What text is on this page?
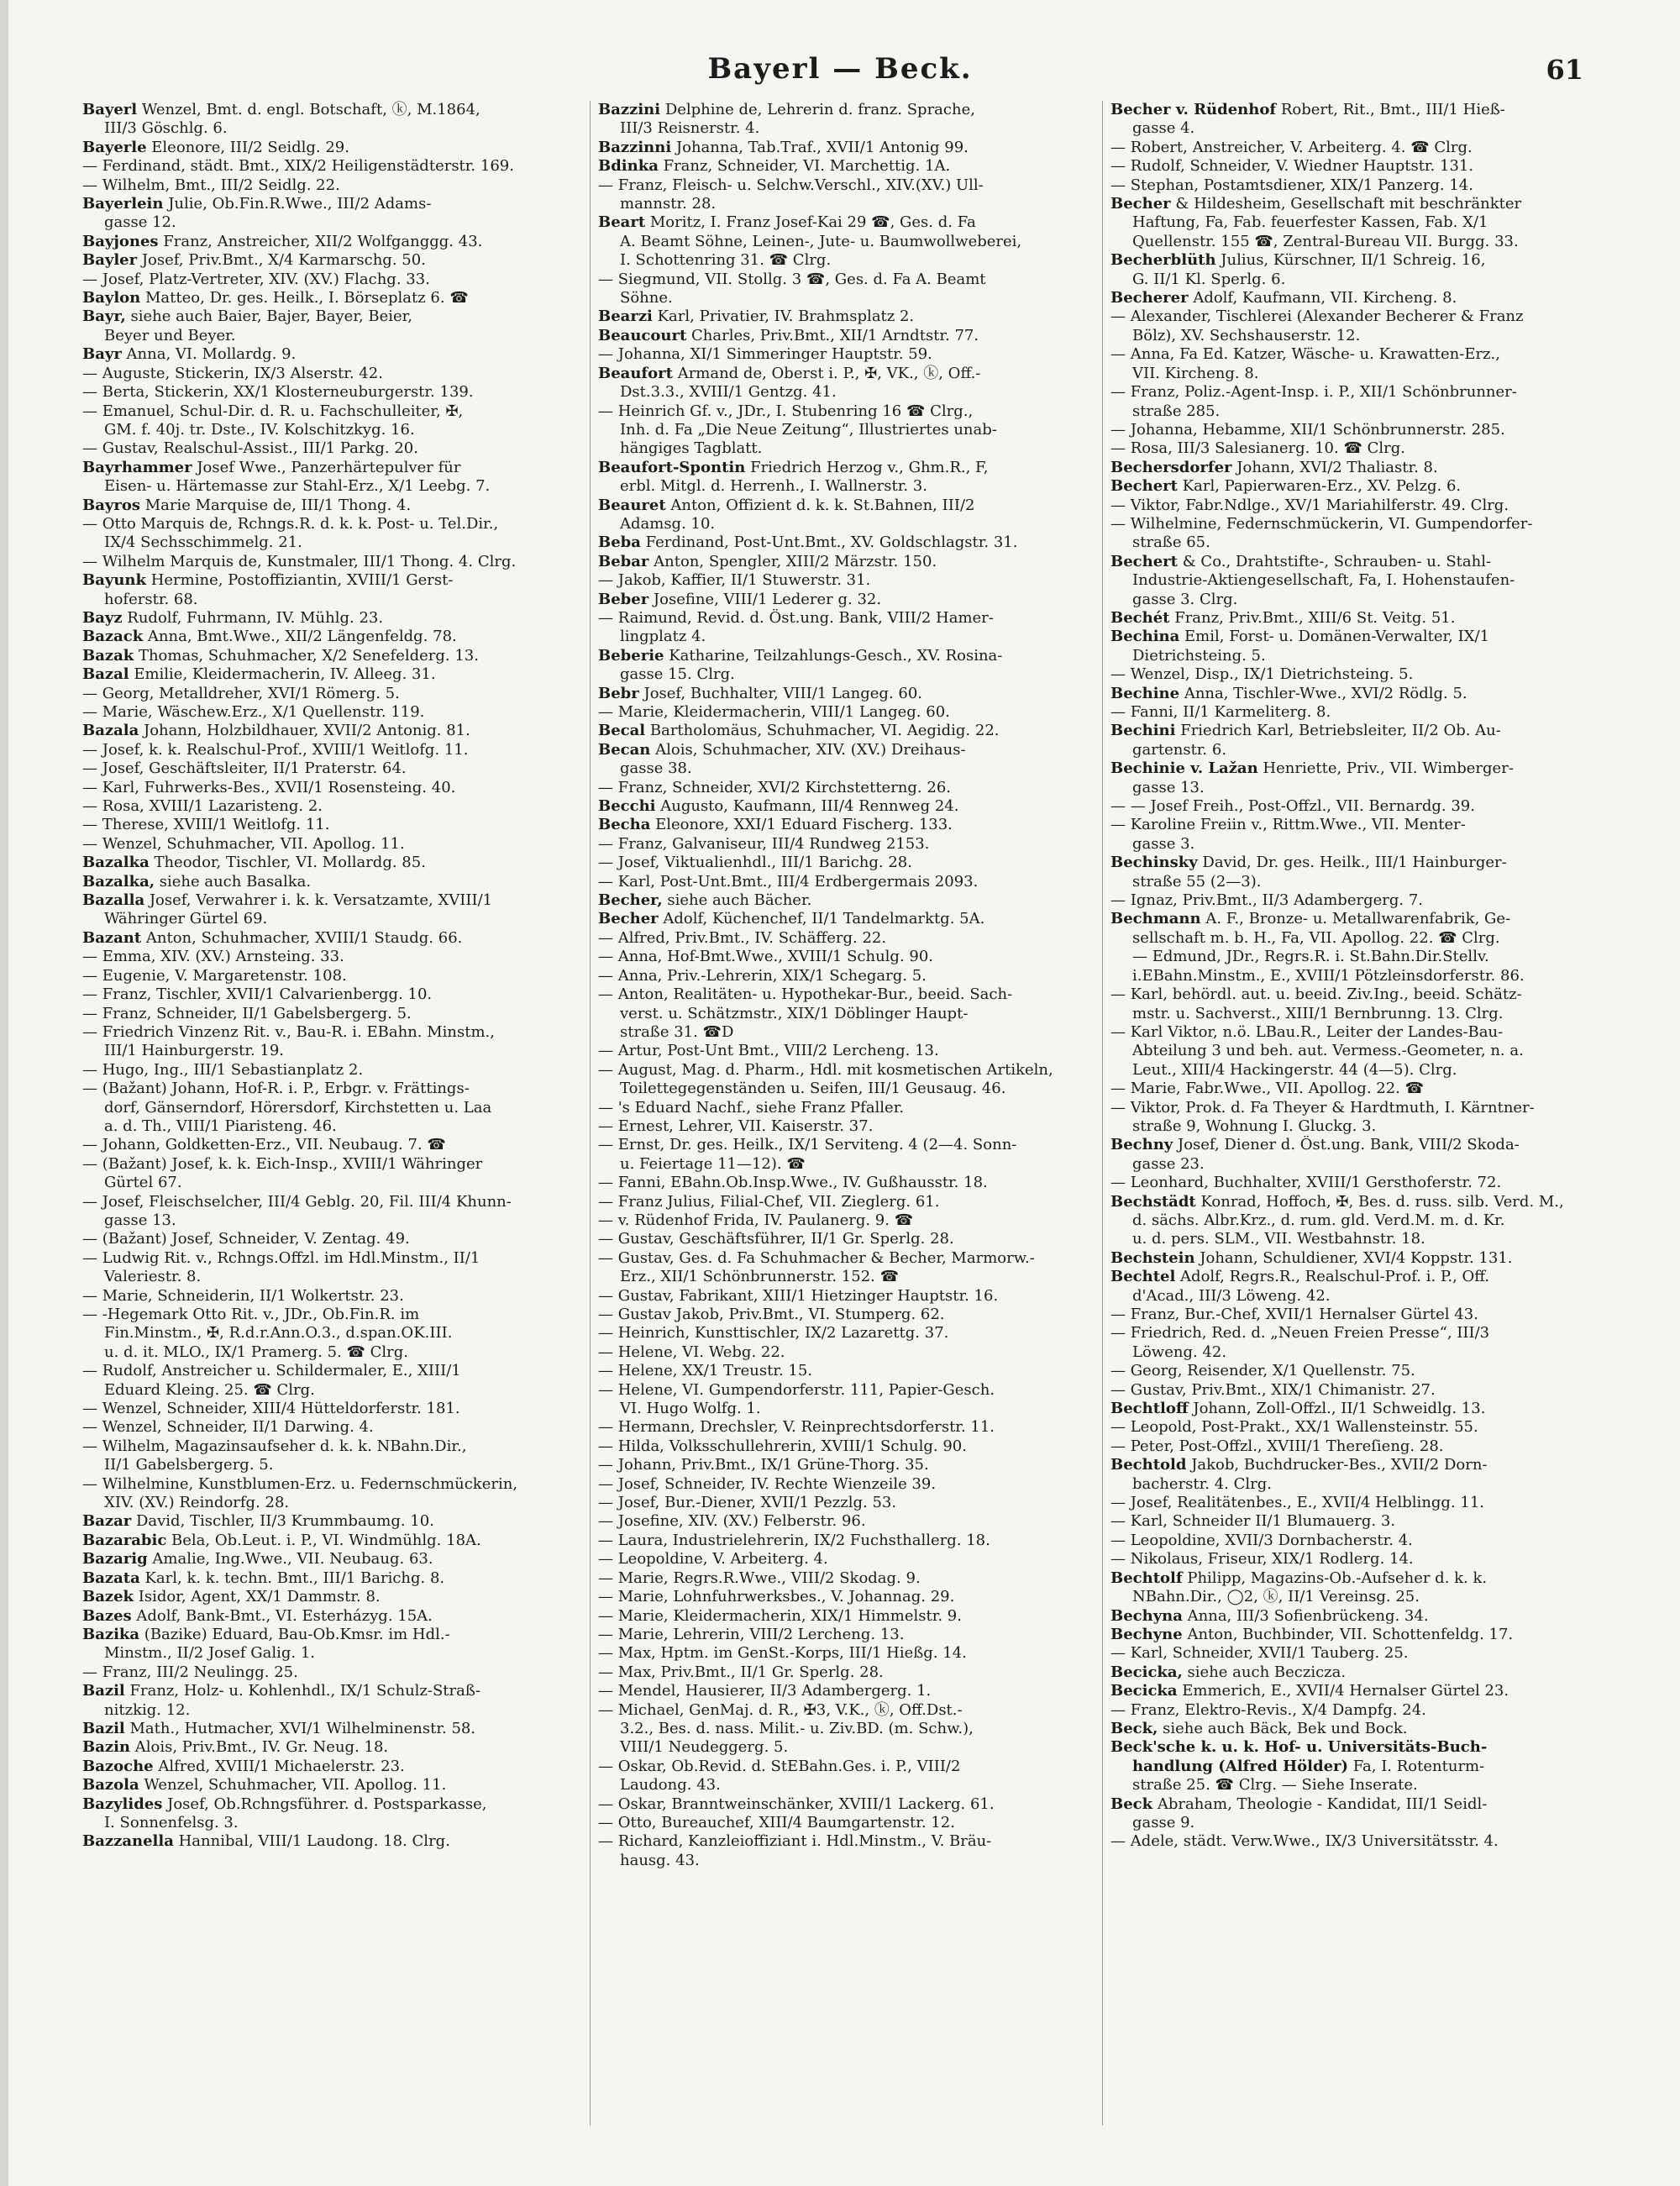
Bayerl — Beck.	61
Bayerl Wenzel, Bmt. d. engl. Botschaft, ⓚ, M.1864,
III/3 Göschlg. 6.
Bayerle Eleonore, III/2 Seidlg. 29.
— Ferdinand, städt. Bmt., XIX/2 Heiligenstädterstr. 169.
— Wilhelm, Bmt., III/2 Seidlg. 22.
Bayerlein Julie, Ob.Fin.R.Wwe., III/2 Adams-
gasse 12.
Bayjones Franz, Anstreicher, XII/2 Wolfganggg. 43.
Bayler Josef, Priv.Bmt., X/4 Karmarschg. 50.
— Josef, Platz-Vertreter, XIV. (XV.) Flachg. 33.
Baylon Matteo, Dr. ges. Heilk., I. Börseplatz 6. ☎
Bayr, siehe auch Baier, Bajer, Bayer, Beier,
Beyer und Beyer.
Bayr Anna, VI. Mollardg. 9.
— Auguste, Stickerin, IX/3 Alserstr. 42.
— Berta, Stickerin, XX/1 Klosterneuburgerstr. 139.
— Emanuel, Schul-Dir. d. R. u. Fachschulleiter, ✠,
GM. f. 40j. tr. Dste., IV. Kolschitzkyg. 16.
— Gustav, Realschul-Assist., III/1 Parkg. 20.
Bayrhammer Josef Wwe., Panzerhärtepulver für
Eisen- u. Härtemasse zur Stahl-Erz., X/1 Leebg. 7.
Bayros Marie Marquise de, III/1 Thong. 4.
— Otto Marquis de, Rchngs.R. d. k. k. Post- u. Tel.Dir.,
IX/4 Sechsschimmelg. 21.
— Wilhelm Marquis de, Kunstmaler, III/1 Thong. 4. Clrg.
Bayunk Hermine, Postoffiziantin, XVIII/1 Gerst-
hoferstr. 68.
Bayz Rudolf, Fuhrmann, IV. Mühlg. 23.
Bazack Anna, Bmt.Wwe., XII/2 Längenfeldg. 78.
Bazak Thomas, Schuhmacher, X/2 Senefelderg. 13.
Bazal Emilie, Kleidermacherin, IV. Alleeg. 31.
— Georg, Metalldreher, XVI/1 Römerg. 5.
— Marie, Wäschew.Erz., X/1 Quellenstr. 119.
Bazala Johann, Holzbildhauer, XVII/2 Antonig. 81.
— Josef, k. k. Realschul-Prof., XVIII/1 Weitlofg. 11.
— Josef, Geschäftsleiter, II/1 Praterstr. 64.
— Karl, Fuhrwerks-Bes., XVII/1 Rosensteing. 40.
— Rosa, XVIII/1 Lazaristeng. 2.
— Therese, XVIII/1 Weitlofg. 11.
— Wenzel, Schuhmacher, VII. Apollog. 11.
Bazalka Theodor, Tischler, VI. Mollardg. 85.
Bazalka, siehe auch Basalka.
Bazalla Josef, Verwahrer i. k. k. Versatzamte, XVIII/1
Währinger Gürtel 69.
Bazant Anton, Schuhmacher, XVIII/1 Staudg. 66.
— Emma, XIV. (XV.) Arnsteing. 33.
— Eugenie, V. Margaretenstr. 108.
— Franz, Tischler, XVII/1 Calvarienbergg. 10.
— Franz, Schneider, II/1 Gabelsbergerg. 5.
— Friedrich Vinzenz Rit. v., Bau-R. i. EBahn. Minstm.,
III/1 Hainburgerstr. 19.
— Hugo, Ing., III/1 Sebastianplatz 2.
— (Bažant) Johann, Hof-R. i. P., Erbgr. v. Frättings-
dorf, Gänserndorf, Hörersdorf, Kirchstetten u. Laa
a. d. Th., VIII/1 Piaristeng. 46.
— Johann, Goldketten-Erz., VII. Neubaug. 7. ☎
— (Bažant) Josef, k. k. Eich-Insp., XVIII/1 Währinger
Gürtel 67.
— Josef, Fleischselcher, III/4 Geblg. 20, Fil. III/4 Khunn-
gasse 13.
— (Bažant) Josef, Schneider, V. Zentag. 49.
— Ludwig Rit. v., Rchngs.Offzl. im Hdl.Minstm., II/1
Valeriestr. 8.
— Marie, Schneiderin, II/1 Wolkertstr. 23.
— -Hegemark Otto Rit. v., JDr., Ob.Fin.R. im
Fin.Minstm., ✠, R.d.r.Ann.O.3., d.span.OK.III.
u. d. it. MLO., IX/1 Pramerg. 5. ☎ Clrg.
— Rudolf, Anstreicher u. Schildermaler, E., XIII/1
Eduard Kleing. 25. ☎ Clrg.
— Wenzel, Schneider, XIII/4 Hütteldorferstr. 181.
— Wenzel, Schneider, II/1 Darwing. 4.
— Wilhelm, Magazinsaufseher d. k. k. NBahn.Dir.,
II/1 Gabelsbergerg. 5.
— Wilhelmine, Kunstblumen-Erz. u. Federnschmückerin,
XIV. (XV.) Reindorfg. 28.
Bazar David, Tischler, II/3 Krummbaumg. 10.
Bazarabic Bela, Ob.Leut. i. P., VI. Windmühlg. 18A.
Bazarig Amalie, Ing.Wwe., VII. Neubaug. 63.
Bazata Karl, k. k. techn. Bmt., III/1 Barichg. 8.
Bazek Isidor, Agent, XX/1 Dammstr. 8.
Bazes Adolf, Bank-Bmt., VI. Esterházyg. 15A.
Bazika (Bazike) Eduard, Bau-Ob.Kmsr. im Hdl.-
Minstm., II/2 Josef Galig. 1.
— Franz, III/2 Neulingg. 25.
Bazil Franz, Holz- u. Kohlenhdl., IX/1 Schulz-Straß-
nitzkig. 12.
Bazil Math., Hutmacher, XVI/1 Wilhelminenstr. 58.
Bazin Alois, Priv.Bmt., IV. Gr. Neug. 18.
Bazoche Alfred, XVIII/1 Michaelerstr. 23.
Bazola Wenzel, Schuhmacher, VII. Apollog. 11.
Bazylides Josef, Ob.Rchngsführer. d. Postsparkasse,
I. Sonnenfelsg. 3.
Bazzanella Hannibal, VIII/1 Laudong. 18. Clrg.
Bazzini Delphine de, Lehrerin d. franz. Sprache,
III/3 Reisnerstr. 4.
Bazzinni Johanna, Tab.Traf., XVII/1 Antonig 99.
Bdinka Franz, Schneider, VI. Marchettig. 1A.
— Franz, Fleisch- u. Selchw.Verschl., XIV.(XV.) Ull-
mannstr. 28.
Beart Moritz, I. Franz Josef-Kai 29 ☎, Ges. d. Fa
A. Beamt Söhne, Leinen-, Jute- u. Baumwollweberei,
I. Schottenring 31. ☎ Clrg.
— Siegmund, VII. Stollg. 3 ☎, Ges. d. Fa A. Beamt
Söhne.
Bearzi Karl, Privatier, IV. Brahmsplatz 2.
Beaucourt Charles, Priv.Bmt., XII/1 Arndtstr. 77.
— Johanna, XI/1 Simmeringer Hauptstr. 59.
Beaufort Armand de, Oberst i. P., ✠, VK., ⓚ, Off.-
Dst.3.3., XVIII/1 Gentzg. 41.
— Heinrich Gf. v., JDr., I. Stubenring 16 ☎ Clrg.,
Inh. d. Fa „Die Neue Zeitung“, Illustriertes unab-
hängiges Tagblatt.
Beaufort-Spontin Friedrich Herzog v., Ghm.R., F,
erbl. Mitgl. d. Herrenh., I. Wallnerstr. 3.
Beauret Anton, Offizient d. k. k. St.Bahnen, III/2
Adamsg. 10.
Beba Ferdinand, Post-Unt.Bmt., XV. Goldschlagstr. 31.
Bebar Anton, Spengler, XIII/2 Märzstr. 150.
— Jakob, Kaffier, II/1 Stuwerstr. 31.
Beber Josefine, VIII/1 Lederer g. 32.
— Raimund, Revid. d. Öst.ung. Bank, VIII/2 Hamer-
lingplatz 4.
Beberie Katharine, Teilzahlungs-Gesch., XV. Rosina-
gasse 15. Clrg.
Bebr Josef, Buchhalter, VIII/1 Langeg. 60.
— Marie, Kleidermacherin, VIII/1 Langeg. 60.
Becal Bartholomäus, Schuhmacher, VI. Aegidig. 22.
Becan Alois, Schuhmacher, XIV. (XV.) Dreihaus-
gasse 38.
— Franz, Schneider, XVI/2 Kirchstetterng. 26.
Becchi Augusto, Kaufmann, III/4 Rennweg 24.
Becha Eleonore, XXI/1 Eduard Fischerg. 133.
— Franz, Galvaniseur, III/4 Rundweg 2153.
— Josef, Viktualienhdl., III/1 Barichg. 28.
— Karl, Post-Unt.Bmt., III/4 Erdbergermais 2093.
Becher, siehe auch Bächer.
Becher Adolf, Küchenchef, II/1 Tandelmarktg. 5A.
— Alfred, Priv.Bmt., IV. Schäfferg. 22.
— Anna, Hof-Bmt.Wwe., XVIII/1 Schulg. 90.
— Anna, Priv.-Lehrerin, XIX/1 Schegarg. 5.
— Anton, Realitäten- u. Hypothekar-Bur., beeid. Sach-
verst. u. Schätzmstr., XIX/1 Döblinger Haupt-
straße 31. ☎D
— Artur, Post-Unt Bmt., VIII/2 Lercheng. 13.
— August, Mag. d. Pharm., Hdl. mit kosmetischen Artikeln,
Toilettegegenständen u. Seifen, III/1 Geusaug. 46.
— 's Eduard Nachf., siehe Franz Pfaller.
— Ernest, Lehrer, VII. Kaiserstr. 37.
— Ernst, Dr. ges. Heilk., IX/1 Serviteng. 4 (2—4. Sonn-
u. Feiertage 11—12). ☎
— Fanni, EBahn.Ob.Insp.Wwe., IV. Gußhausstr. 18.
— Franz Julius, Filial-Chef, VII. Zieglerg. 61.
— v. Rüdenhof Frida, IV. Paulanerg. 9. ☎
— Gustav, Geschäftsführer, II/1 Gr. Sperlg. 28.
— Gustav, Ges. d. Fa Schuhmacher & Becher, Marmorw.-
Erz., XII/1 Schönbrunnerstr. 152. ☎
— Gustav, Fabrikant, XIII/1 Hietzinger Hauptstr. 16.
— Gustav Jakob, Priv.Bmt., VI. Stumperg. 62.
— Heinrich, Kunsttischler, IX/2 Lazarettg. 37.
— Helene, VI. Webg. 22.
— Helene, XX/1 Treustr. 15.
— Helene, VI. Gumpendorferstr. 111, Papier-Gesch.
VI. Hugo Wolfg. 1.
— Hermann, Drechsler, V. Reinprechtsdorferstr. 11.
— Hilda, Volksschullehrerin, XVIII/1 Schulg. 90.
— Johann, Priv.Bmt., IX/1 Grüne-Thorg. 35.
— Josef, Schneider, IV. Rechte Wienzeile 39.
— Josef, Bur.-Diener, XVII/1 Pezzlg. 53.
— Josefine, XIV. (XV.) Felberstr. 96.
— Laura, Industrielehrerin, IX/2 Fuchsthallerg. 18.
— Leopoldine, V. Arbeiterg. 4.
— Marie, Regrs.R.Wwe., VIII/2 Skodag. 9.
— Marie, Lohnfuhrwerksbes., V. Johannag. 29.
— Marie, Kleidermacherin, XIX/1 Himmelstr. 9.
— Marie, Lehrerin, VIII/2 Lercheng. 13.
— Max, Hptm. im GenSt.-Korps, III/1 Hießg. 14.
— Max, Priv.Bmt., II/1 Gr. Sperlg. 28.
— Mendel, Hausierer, II/3 Adambergerg. 1.
— Michael, GenMaj. d. R., ✠3, V.K., ⓚ, Off.Dst.-
3.2., Bes. d. nass. Milit.- u. Ziv.BD. (m. Schw.),
VIII/1 Neudeggerg. 5.
— Oskar, Ob.Revid. d. StEBahn.Ges. i. P., VIII/2
Laudong. 43.
— Oskar, Branntweinschänker, XVIII/1 Lackerg. 61.
— Otto, Bureauchef, XIII/4 Baumgartenstr. 12.
— Richard, Kanzleioffiziant i. Hdl.Minstm., V. Bräu-
hausg. 43.
Becher v. Rüdenhof Robert, Rit., Bmt., III/1 Hieß-
gasse 4.
— Robert, Anstreicher, V. Arbeiterg. 4. ☎ Clrg.
— Rudolf, Schneider, V. Wiedner Hauptstr. 131.
— Stephan, Postamtsdiener, XIX/1 Panzerg. 14.
Becher & Hildesheim, Gesellschaft mit beschränkter
Haftung, Fa, Fab. feuerfester Kassen, Fab. X/1
Quellenstr. 155 ☎, Zentral-Bureau VII. Burgg. 33.
Becherblüth Julius, Kürschner, II/1 Schreig. 16,
G. II/1 Kl. Sperlg. 6.
Becherer Adolf, Kaufmann, VII. Kircheng. 8.
— Alexander, Tischlerei (Alexander Becherer & Franz
Bölz), XV. Sechshauserstr. 12.
— Anna, Fa Ed. Katzer, Wäsche- u. Krawatten-Erz.,
VII. Kircheng. 8.
— Franz, Poliz.-Agent-Insp. i. P., XII/1 Schönbrunner-
straße 285.
— Johanna, Hebamme, XII/1 Schönbrunnerstr. 285.
— Rosa, III/3 Salesianerg. 10. ☎ Clrg.
Bechersdorfer Johann, XVI/2 Thaliastr. 8.
Bechert Karl, Papierwaren-Erz., XV. Pelzg. 6.
— Viktor, Fabr.Ndlge., XV/1 Mariahilferstr. 49. Clrg.
— Wilhelmine, Federnschmückerin, VI. Gumpendorfer-
straße 65.
Bechert & Co., Drahtstifte-, Schrauben- u. Stahl-
Industrie-Aktiengesellschaft, Fa, I. Hohenstaufen-
gasse 3. Clrg.
Bechét Franz, Priv.Bmt., XIII/6 St. Veitg. 51.
Bechina Emil, Forst- u. Domänen-Verwalter, IX/1
Dietrichsteing. 5.
— Wenzel, Disp., IX/1 Dietrichsteing. 5.
Bechine Anna, Tischler-Wwe., XVI/2 Rödlg. 5.
— Fanni, II/1 Karmeliterg. 8.
Bechini Friedrich Karl, Betriebsleiter, II/2 Ob. Au-
gartenstr. 6.
Bechinie v. Lažan Henriette, Priv., VII. Wimberger-
gasse 13.
— — Josef Freih., Post-Offzl., VII. Bernardg. 39.
— Karoline Freiin v., Rittm.Wwe., VII. Menter-
gasse 3.
Bechinsky David, Dr. ges. Heilk., III/1 Hainburger-
straße 55 (2—3).
— Ignaz, Priv.Bmt., II/3 Adambergerg. 7.
Bechmann A. F., Bronze- u. Metallwarenfabrik, Ge-
sellschaft m. b. H., Fa, VII. Apollog. 22. ☎ Clrg.
— Edmund, JDr., Regrs.R. i. St.Bahn.Dir.Stellv.
i.EBahn.Minstm., E., XVIII/1 Pötzleinsdorferstr. 86.
— Karl, behördl. aut. u. beeid. Ziv.Ing., beeid. Schätz-
mstr. u. Sachverst., XIII/1 Bernbrunng. 13. Clrg.
— Karl Viktor, n.ö. LBau.R., Leiter der Landes-Bau-
Abteilung 3 und beh. aut. Vermess.-Geometer, n. a.
Leut., XIII/4 Hackingerstr. 44 (4—5). Clrg.
— Marie, Fabr.Wwe., VII. Apollog. 22. ☎
— Viktor, Prok. d. Fa Theyer & Hardtmuth, I. Kärntner-
straße 9, Wohnung I. Gluckg. 3.
Bechny Josef, Diener d. Öst.ung. Bank, VIII/2 Skoda-
gasse 23.
— Leonhard, Buchhalter, XVIII/1 Gersthoferstr. 72.
Bechstädt Konrad, Hoffoch, ✠, Bes. d. russ. silb. Verd. M.,
d. sächs. Albr.Krz., d. rum. gld. Verd.M. m. d. Kr.
u. d. pers. SLM., VII. Westbahnstr. 18.
Bechstein Johann, Schuldiener, XVI/4 Koppstr. 131.
Bechtel Adolf, Regrs.R., Realschul-Prof. i. P., Off.
d'Acad., III/3 Löweng. 42.
— Franz, Bur.-Chef, XVII/1 Hernalser Gürtel 43.
— Friedrich, Red. d. „Neuen Freien Presse“, III/3
Löweng. 42.
— Georg, Reisender, X/1 Quellenstr. 75.
— Gustav, Priv.Bmt., XIX/1 Chimanistr. 27.
Bechtloff Johann, Zoll-Offzl., II/1 Schweidlg. 13.
— Leopold, Post-Prakt., XX/1 Wallensteinstr. 55.
— Peter, Post-Offzl., XVIII/1 Thereſieng. 28.
Bechtold Jakob, Buchdrucker-Bes., XVII/2 Dorn-
bacherstr. 4. Clrg.
— Josef, Realitätenbes., E., XVII/4 Helblingg. 11.
— Karl, Schneider II/1 Blumauerg. 3.
— Leopoldine, XVII/3 Dornbacherstr. 4.
— Nikolaus, Friseur, XIX/1 Rodlerg. 14.
Bechtolf Philipp, Magazins-Ob.-Aufseher d. k. k.
NBahn.Dir., ◯2, ⓚ, II/1 Vereinsg. 25.
Bechyna Anna, III/3 Sofienbrückeng. 34.
Bechyne Anton, Buchbinder, VII. Schottenfeldg. 17.
— Karl, Schneider, XVII/1 Tauberg. 25.
Becicka, siehe auch Beczicza.
Becicka Emmerich, E., XVII/4 Hernalser Gürtel 23.
— Franz, Elektro-Revis., X/4 Dampfg. 24.
Beck, siehe auch Bäck, Bek und Bock.
Beck'sche k. u. k. Hof- u. Universitäts-Buch-
handlung (Alfred Hölder) Fa, I. Rotenturm-
straße 25. ☎ Clrg. — Siehe Inserate.
Beck Abraham, Theologie - Kandidat, III/1 Seidl-
gasse 9.
— Adele, städt. Verw.Wwe., IX/3 Universitätsstr. 4.
